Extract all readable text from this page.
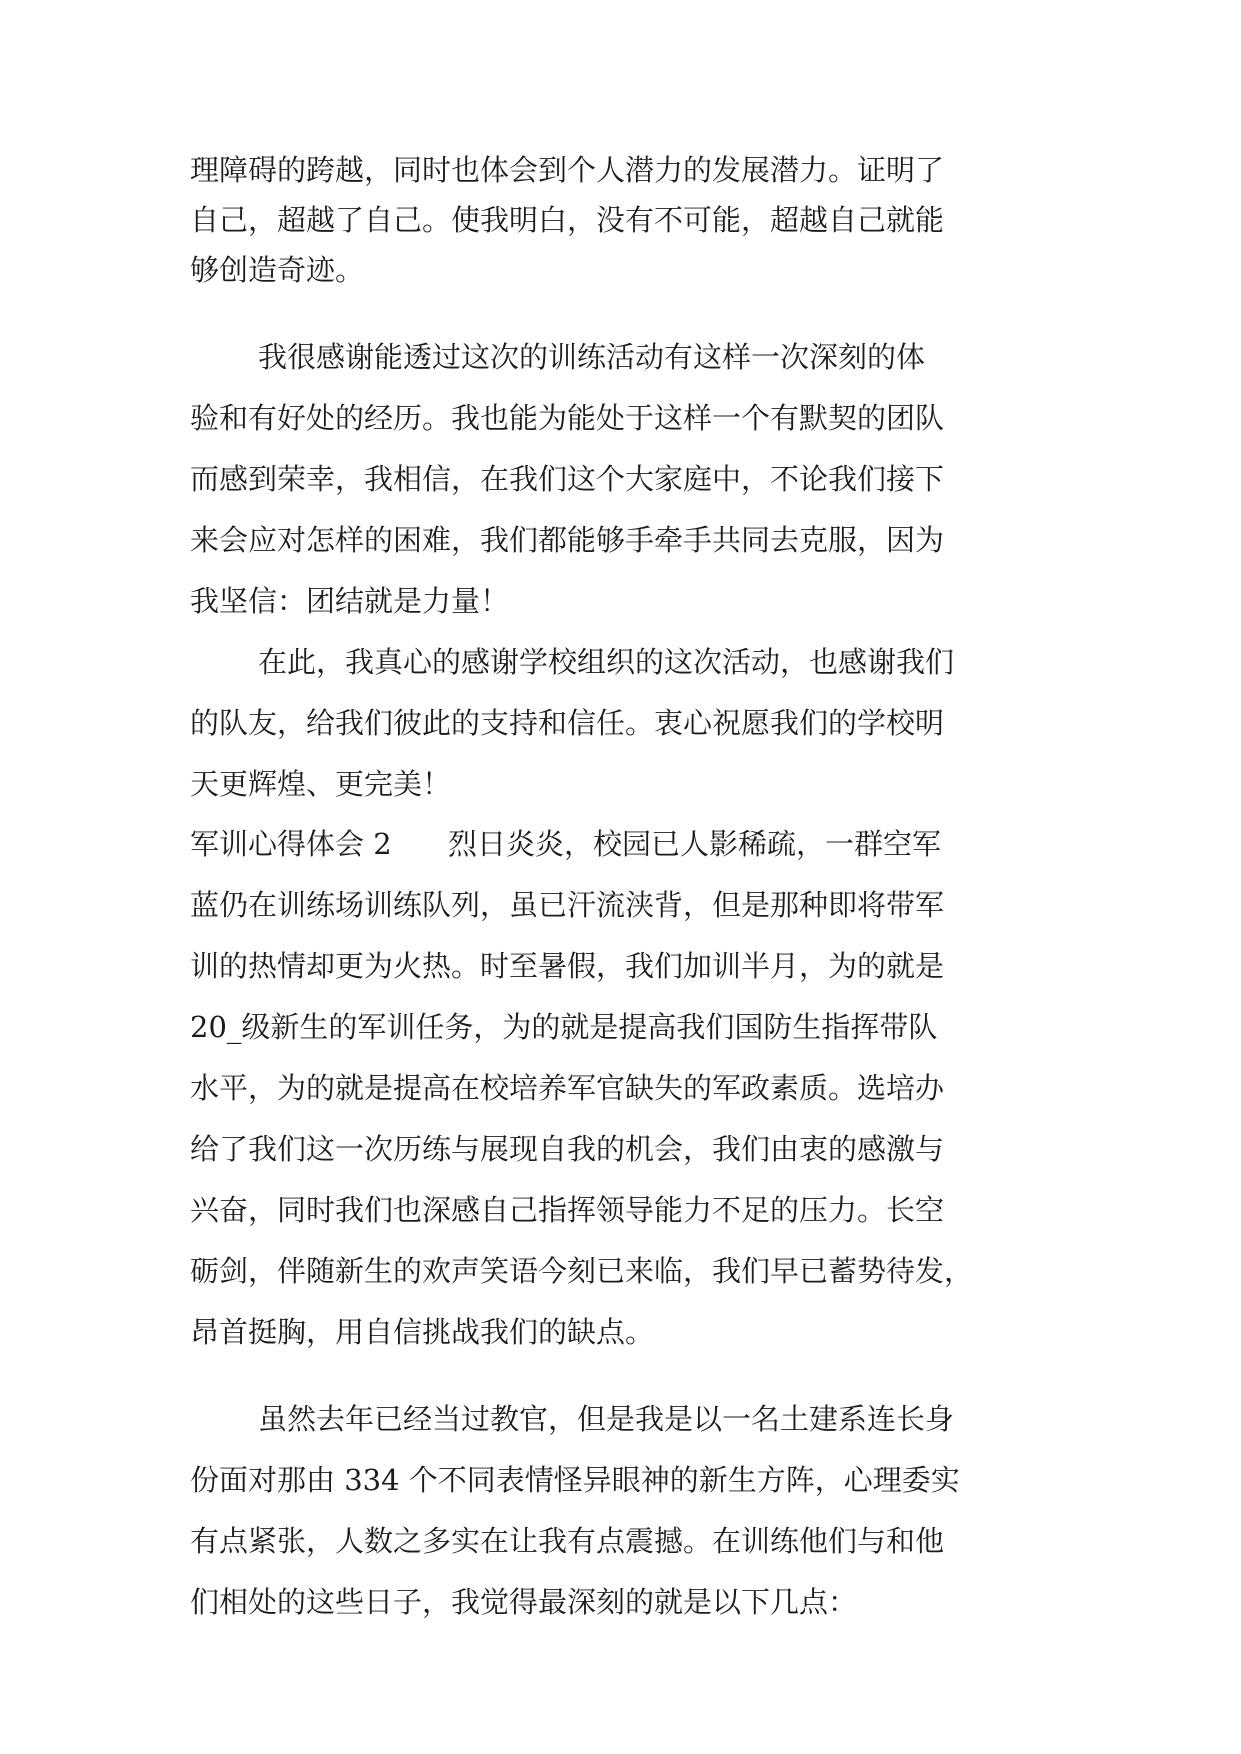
理障碍的跨越，同时也体会到个人潜力的发展潜力。证明了

自己，超越了自己。使我明白，没有不可能，超越自己就能

够创造奇迹。

我很感谢能透过这次的训练活动有这样一次深刻的体

验和有好处的经历。我也能为能处于这样一个有默契的团队

而感到荣幸，我相信，在我们这个大家庭中，不论我们接下

来会应对怎样的困难，我们都能够手牵手共同去克服，因为

我坚信：团结就是力量！

在此，我真心的感谢学校组织的这次活动，也感谢我们

的队友，给我们彼此的支持和信任。衷心祝愿我们的学校明

天更辉煌、更完美！

军训心得体会 2 烈日炎炎，校园已人影稀疏，一群空军

蓝仍在训练场训练队列，虽已汗流浃背，但是那种即将带军

训的热情却更为火热。时至暑假，我们加训半月，为的就是

20_级新生的军训任务，为的就是提高我们国防生指挥带队

水平，为的就是提高在校培养军官缺失的军政素质。选培办

给了我们这一次历练与展现自我的机会，我们由衷的感激与

兴奋，同时我们也深感自己指挥领导能力不足的压力。长空

砺剑，伴随新生的欢声笑语今刻已来临，我们早已蓄势待发，

昂首挺胸，用自信挑战我们的缺点。

虽然去年已经当过教官，但是我是以一名土建系连长身

份面对那由 334 个不同表情怪异眼神的新生方阵，心理委实

有点紧张，人数之多实在让我有点震撼。在训练他们与和他

们相处的这些日子，我觉得最深刻的就是以下几点：
